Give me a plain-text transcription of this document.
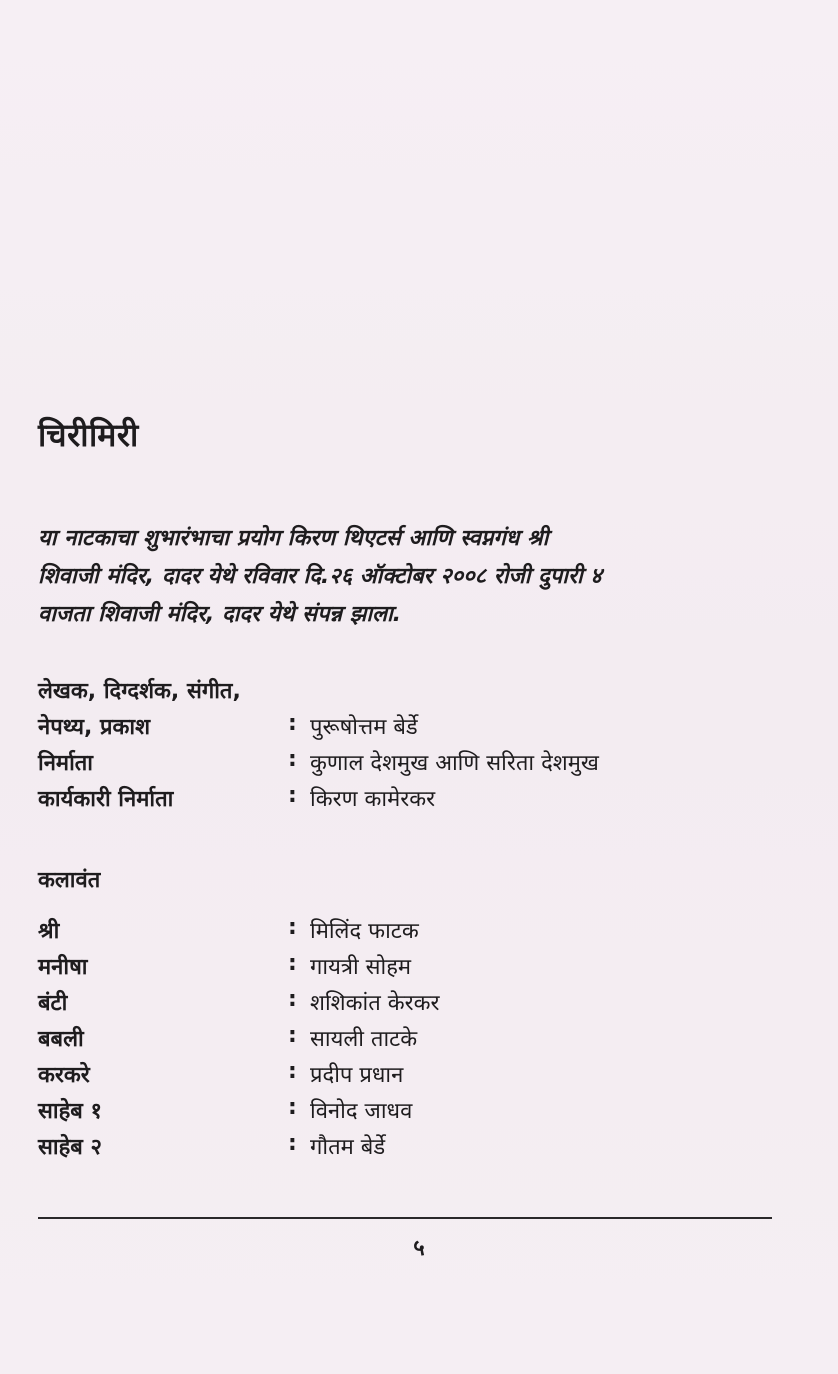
चिरीमिरी

या नाटकाचा शुभारंभाचा प्रयोग किरण थिएटर्स आणि स्वप्नगंध श्री

शिवाजी मंदिर, दादर येथे रविवार दि.२६ ऑक्टोबर २००८ रोजी दुपारी ४

वाजता शिवाजी मंदिर, दादर येथे संपन्न झाला.

लेखक, दिग्दर्शक, संगीत,
नेपथ्य, प्रकाश	: पुरूषोत्तम बेर्डे
निर्माता	: कुणाल देशमुख आणि सरिता देशमुख
कार्यकारी निर्माता	: किरण कामेरकर
कलावंत
श्री	: मिलिंद फाटक
मनीषा	: गायत्री सोहम
बंटी	: शशिकांत केरकर
बबली	: सायली ताटके
करकरे	: प्रदीप प्रधान
साहेब १	: विनोद जाधव
साहेब २	: गौतम बेर्डे
५
